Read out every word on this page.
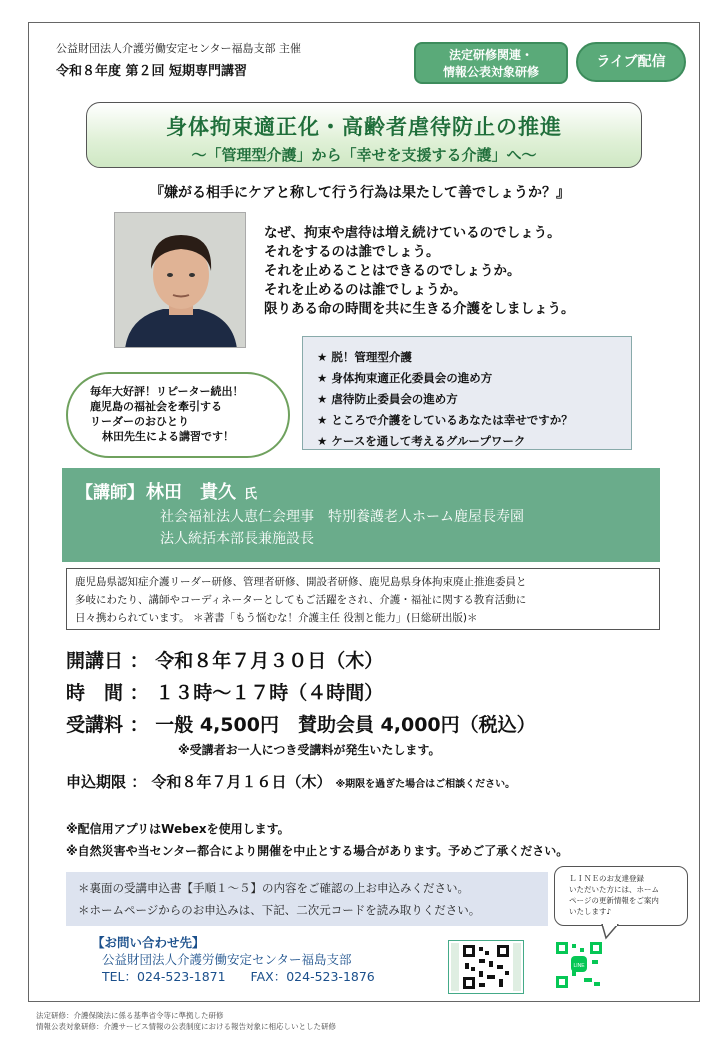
公益財団法人介護労働安定センター福島支部 主催
令和８年度 第２回 短期専門講習
法定研修関連・
情報公表対象研修
ライブ配信
身体拘束適正化・高齢者虐待防止の推進
～「管理型介護」から「幸せを支援する介護」へ～
『嫌がる相手にケアと称して行う行為は果たして善でしょうか？』
なぜ、拘束や虐待は増え続けているのでしょう。
それをするのは誰でしょう。
それを止めることはできるのでしょうか。
それを止めるのは誰でしょうか。
限りある命の時間を共に生きる介護をしましょう。
毎年大好評！リピーター続出！
鹿児島の福祉会を牽引する
リーダーのおひとり
林田先生による講習です！
★ 脱！管理型介護
★ 身体拘束適正化委員会の進め方
★ 虐待防止委員会の進め方
★ ところで介護をしているあなたは幸せですか？
★ ケースを通して考えるグループワーク
【講師】 林田　貴久 氏
社会福祉法人恵仁会理事　特別養護老人ホーム鹿屋長寿園
法人統括本部長兼施設長
鹿児島県認知症介護リーダー研修、管理者研修、開設者研修、鹿児島県身体拘束廃止推進委員と
多岐にわたり、講師やコーディネーターとしてもご活躍をされ、介護・福祉に関する教育活動に
日々携わられています。 ＊著書「もう悩むな！介護主任 役割と能力」(日総研出版)＊
開講日 ： 令和８年７月３０日（木）
時　間 ： １３時～１７時（４時間）
受講料 ： 一般 4,500円　賛助会員 4,000円（税込）
※受講者お一人につき受講料が発生いたします。
申込期限 ： 令和８年７月１６日（木） ※期限を過ぎた場合はご相談ください。
※配信用アプリはWebexを使用します。
※自然災害や当センター都合により開催を中止とする場合があります。予めご了承ください。
＊裏面の受講申込書【手順１～５】の内容をご確認の上お申込みください。
＊ホームページからのお申込みは、下記、二次元コードを読み取りください。
ＬＩＮＥのお友達登録
いただいた方には、ホーム
ページの更新情報をご案内
いたします♪
【お問い合わせ先】
公益財団法人介護労働安定センター福島支部
TEL：024-523-1871　　FAX：024-523-1876
LINE
法定研修：介護保険法に係る基準省令等に準拠した研修
情報公表対象研修：介護サービス情報の公表制度における報告対象に相応しいとした研修
